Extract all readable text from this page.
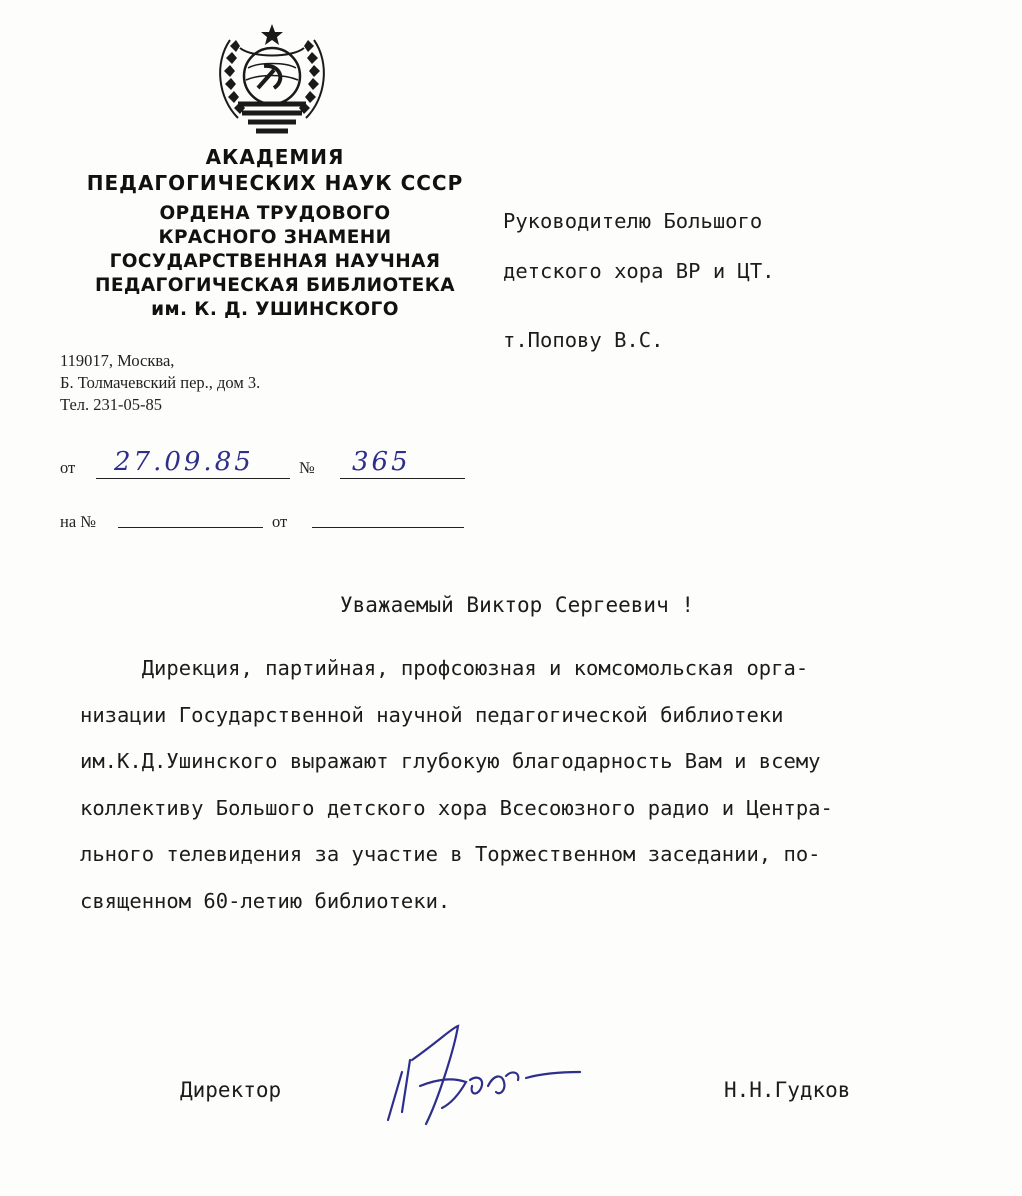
АКАДЕМИЯ
ПЕДАГОГИЧЕСКИХ НАУК СССР
ОРДЕНА ТРУДОВОГО
КРАСНОГО ЗНАМЕНИ
ГОСУДАРСТВЕННАЯ НАУЧНАЯ
ПЕДАГОГИЧЕСКАЯ БИБЛИОТЕКА
им. К. Д. УШИНСКОГО
119017, Москва,
Б. Толмачевский пер., дом 3.
Тел. 231-05-85
от 27.09.85	№ 365
на №	от
Руководителю Большого
детского хора ВР и ЦТ.
т.Попову В.С.
Уважаемый Виктор Сергеевич !
Дирекция, партийная, профсоюзная и комсомольская орга-
низации Государственной научной педагогической библиотеки
им.К.Д.Ушинского выражают глубокую благодарность Вам и всему
коллективу Большого детского хора Всесоюзного радио и Центра-
льного телевидения за участие в Торжественном заседании, по-
священном 60-летию библиотеки.
Директор	Н.Н.Гудков
